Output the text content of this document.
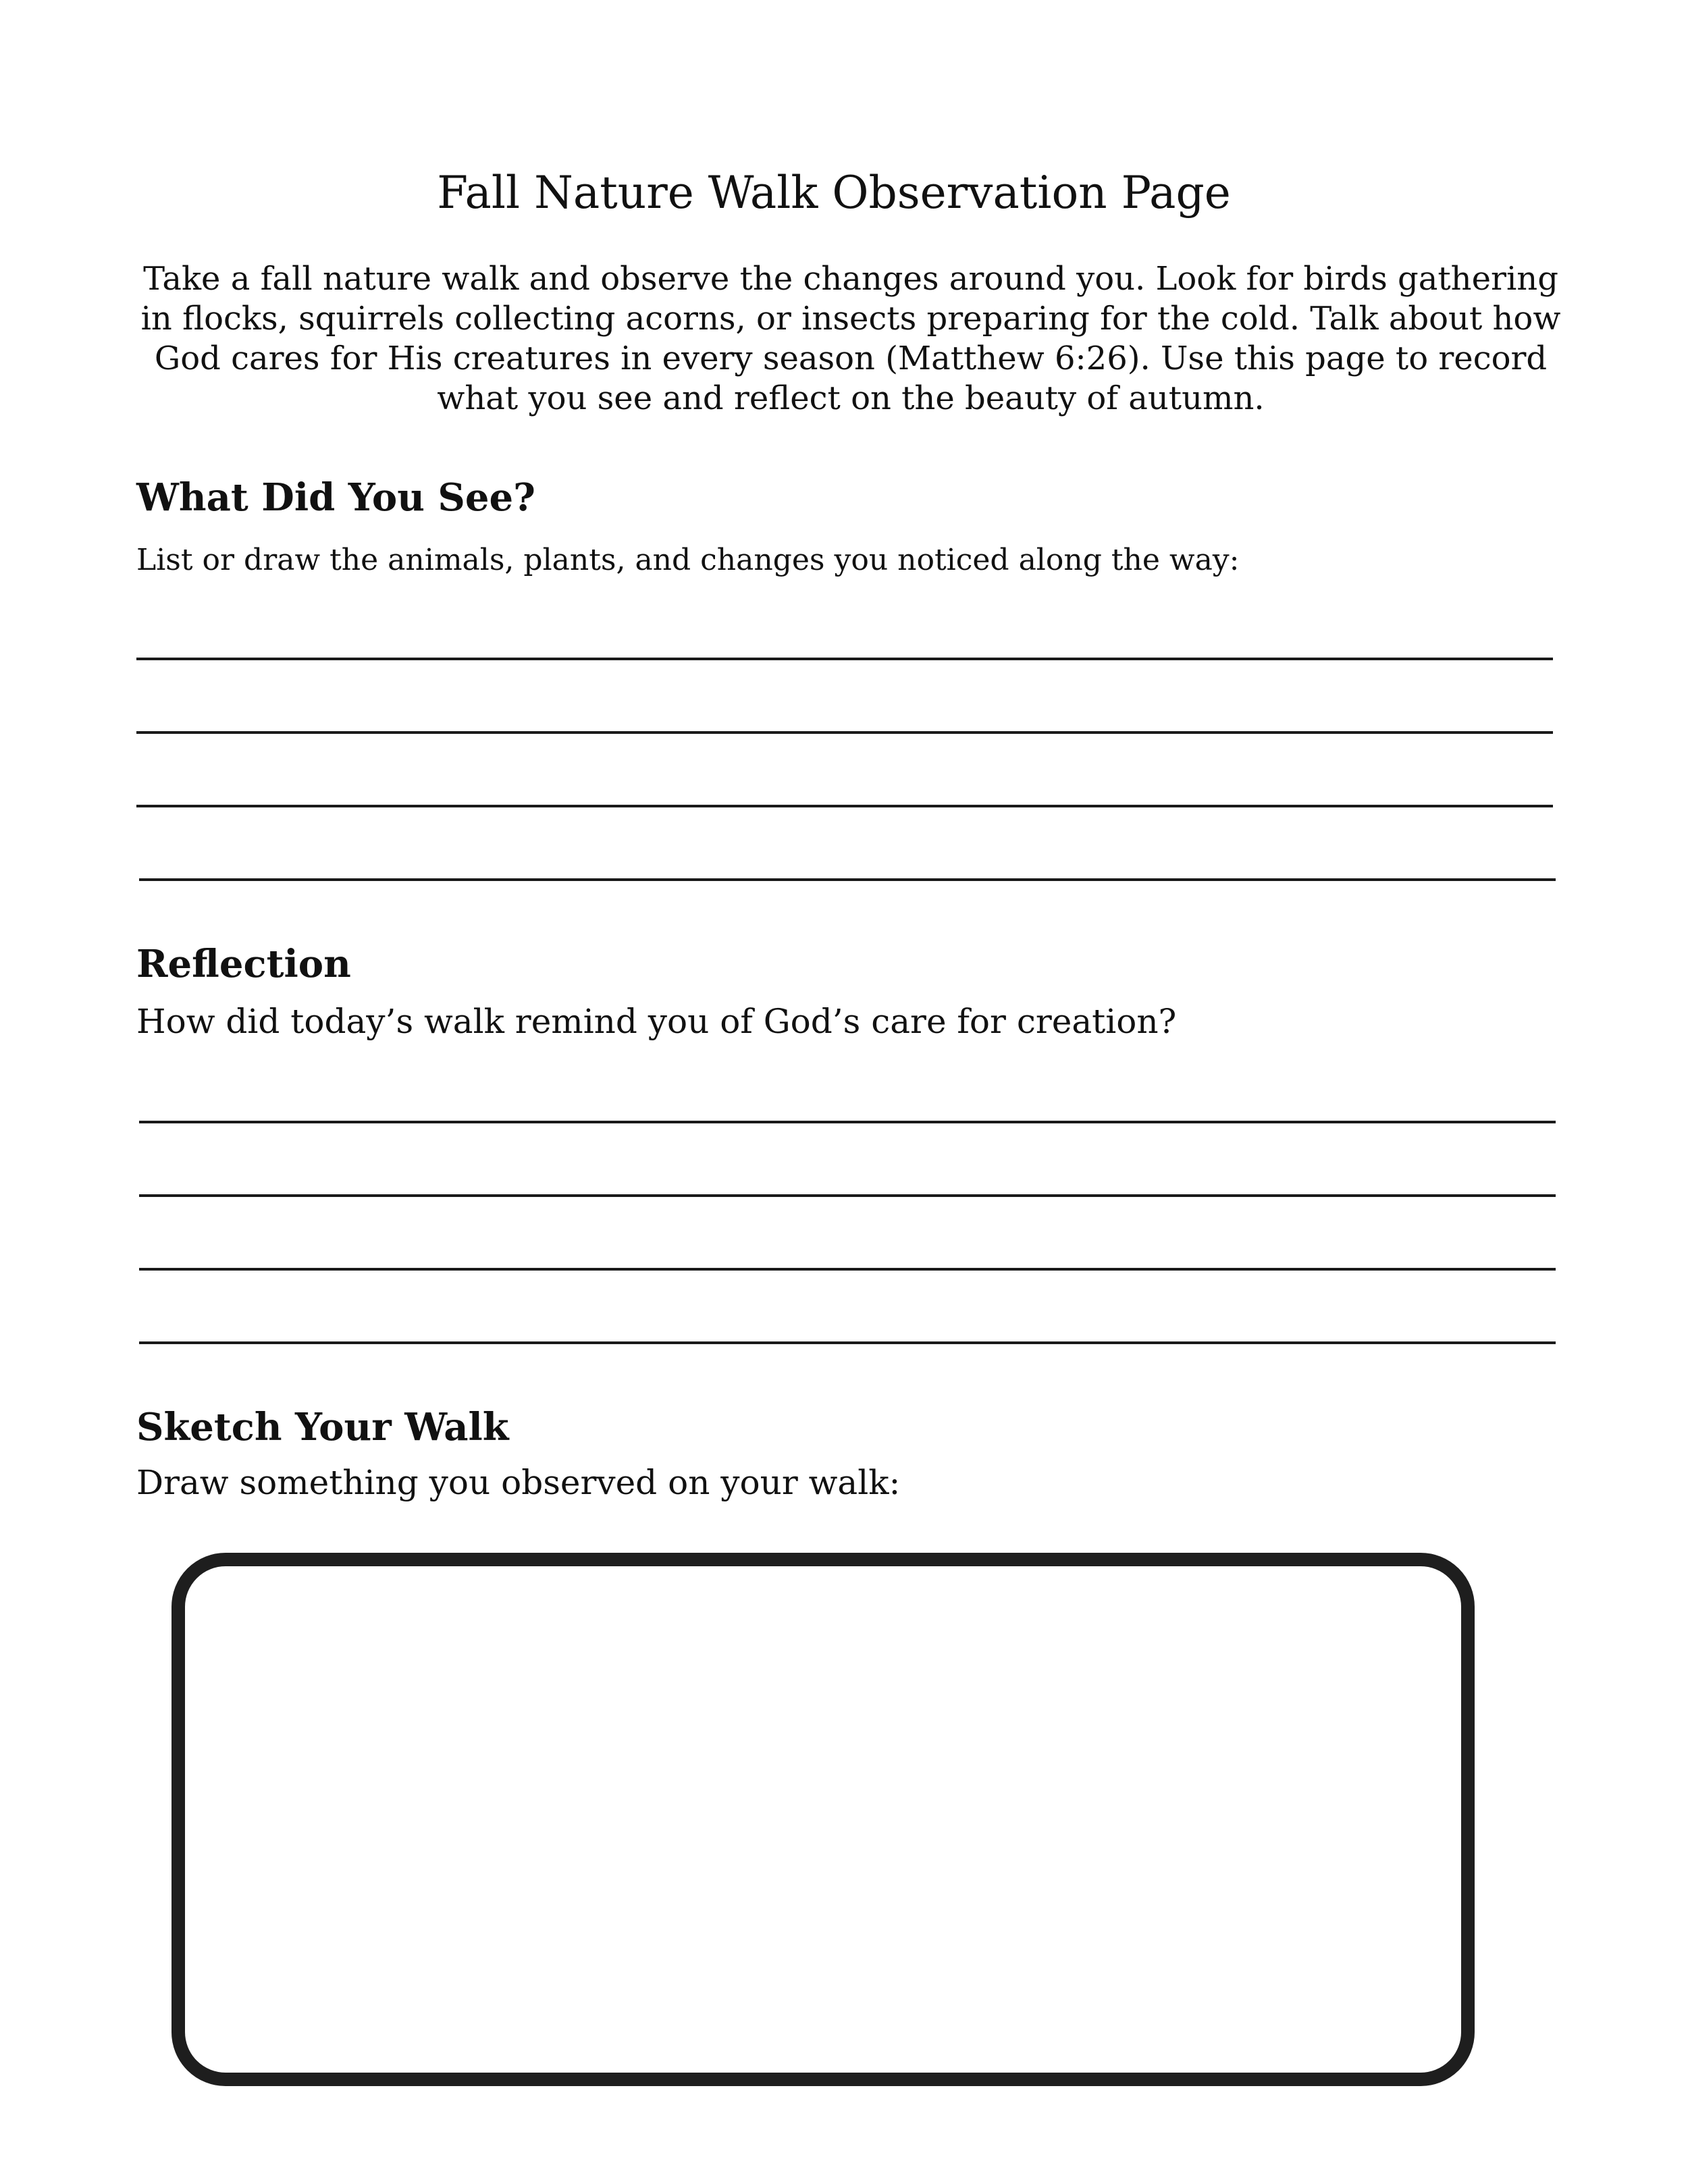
Fall Nature Walk Observation Page

Take a fall nature walk and observe the changes around you. Look for birds gathering in flocks, squirrels collecting acorns, or insects preparing for the cold. Talk about how God cares for His creatures in every season (Matthew 6:26). Use this page to record what you see and reflect on the beauty of autumn.

What Did You See?

List or draw the animals, plants, and changes you noticed along the way:

Reflection

How did today’s walk remind you of God’s care for creation?

Sketch Your Walk

Draw something you observed on your walk:
